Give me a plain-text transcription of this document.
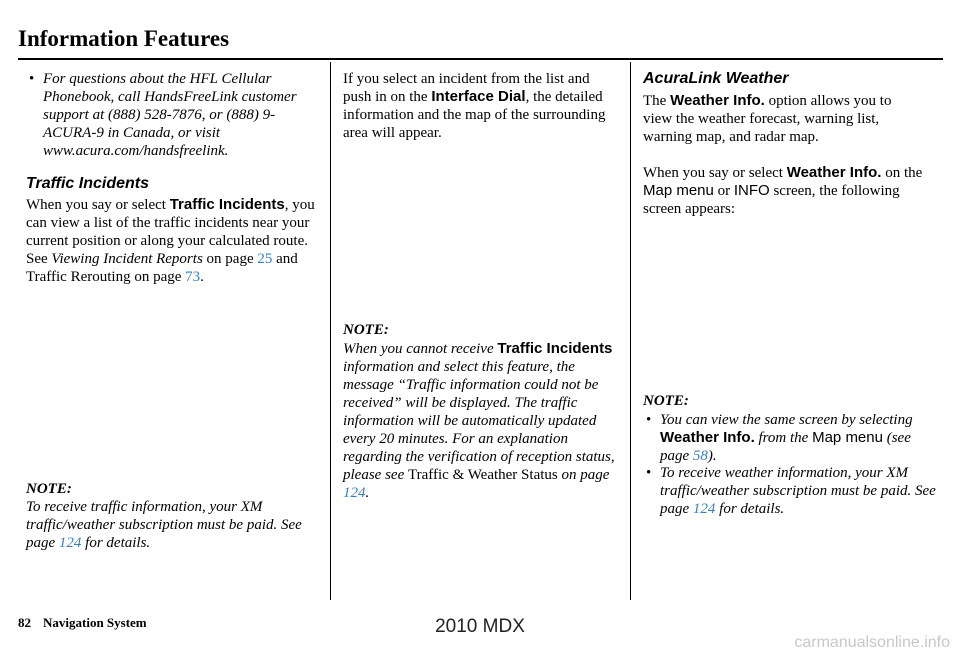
Information Features

• For questions about the HFL Cellular Phonebook, call HandsFreeLink customer support at (888) 528-7876, or (888) 9-ACURA-9 in Canada, or visit www.acura.com/handsfreelink.

Traffic Incidents

When you say or select Traffic Incidents, you can view a list of the traffic incidents near your current position or along your calculated route. See Viewing Incident Reports on page 25 and Traffic Rerouting on page 73.

NOTE:

To receive traffic information, your XM traffic/weather subscription must be paid. See page 124 for details.

If you select an incident from the list and push in on the Interface Dial, the detailed information and the map of the surrounding area will appear.

NOTE:

When you cannot receive Traffic Incidents information and select this feature, the message “Traffic information could not be received” will be displayed. The traffic information will be automatically updated every 20 minutes. For an explanation regarding the verification of reception status, please see Traffic & Weather Status on page 124.

AcuraLink Weather

The Weather Info. option allows you to view the weather forecast, warning list, warning map, and radar map.

When you say or select Weather Info. on the Map menu or INFO screen, the following screen appears:

NOTE:

• You can view the same screen by selecting Weather Info. from the Map menu (see page 58).

• To receive weather information, your XM traffic/weather subscription must be paid. See page 124 for details.

82 Navigation System	2010 MDX
carmanualsonline.info
